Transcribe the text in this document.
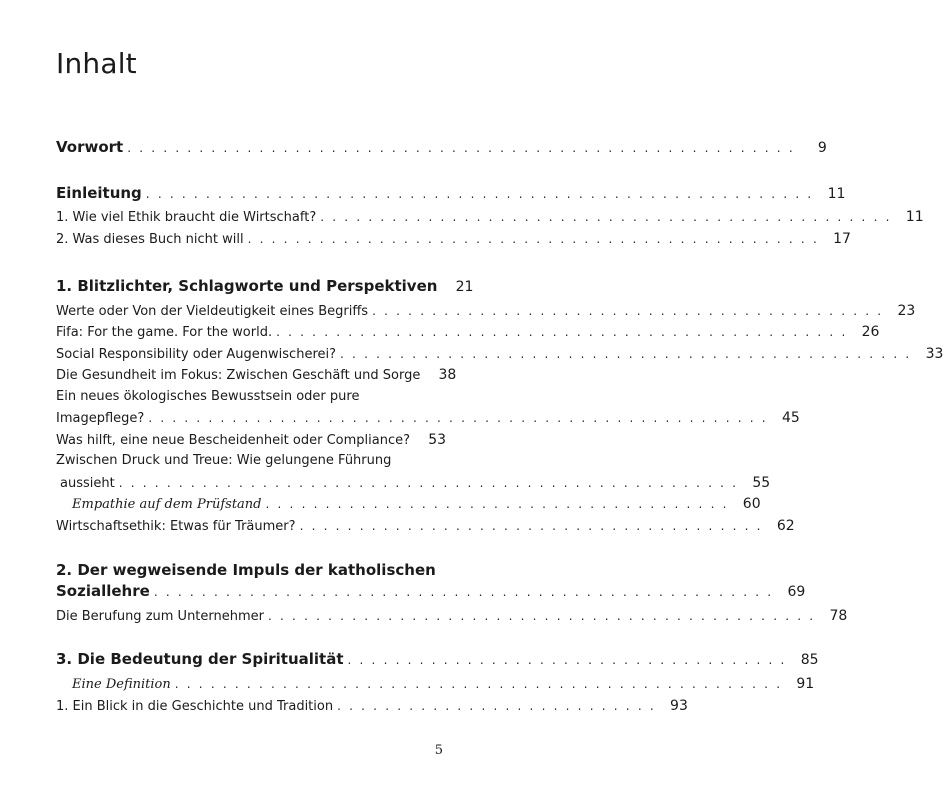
Inhalt
Vorwort . . . . . . . . . . . . . . . . . . . . . . . . . . . . . . . . . . . . . . . . . . . . . . . . . . . . . . . .	9
Einleitung . . . . . . . . . . . . . . . . . . . . . . . . . . . . . . . . . . . . . . . . . . . . . . . . . . . . . . . . 11
1. Wie viel Ethik braucht die Wirtschaft? . . . . . . . . . . . . . . . . . . . . . . . . . . . . . . . . . . . . . . . . . . . . . . . . 11
2. Was dieses Buch nicht will . . . . . . . . . . . . . . . . . . . . . . . . . . . . . . . . . . . . . . . . . . . . . . . . 17
1. Blitzlichter, Schlagworte und Perspektiven 21
Werte oder Von der Vieldeutigkeit eines Begriffs . . . . . . . . . . . . . . . . . . . . . . . . . . . . . . . . . . . . . . . . . . . 23
Fifa: For the game. For the world. . . . . . . . . . . . . . . . . . . . . . . . . . . . . . . . . . . . . . . . . . . . . . . . . 26
Social Responsibility oder Augenwischerei? . . . . . . . . . . . . . . . . . . . . . . . . . . . . . . . . . . . . . . . . . . . . . . . . 33
Die Gesundheit im Fokus: Zwischen Geschäft und Sorge 38
Ein neues ökologisches Bewusstsein oder pure
Imagepflege? . . . . . . . . . . . . . . . . . . . . . . . . . . . . . . . . . . . . . . . . . . . . . . . . . . . . 45
Was hilft, eine neue Bescheidenheit oder Compliance? 53
Zwischen Druck und Treue: Wie gelungene Führung
aussieht . . . . . . . . . . . . . . . . . . . . . . . . . . . . . . . . . . . . . . . . . . . . . . . . . . . . 55
Empathie auf dem Prüfstand . . . . . . . . . . . . . . . . . . . . . . . . . . . . . . . . . . . . . . . 60
Wirtschaftsethik: Etwas für Träumer? . . . . . . . . . . . . . . . . . . . . . . . . . . . . . . . . . . . . . . . 62
2. Der wegweisende Impuls der katholischen
Soziallehre . . . . . . . . . . . . . . . . . . . . . . . . . . . . . . . . . . . . . . . . . . . . . . . . . . . . 69
Die Berufung zum Unternehmer . . . . . . . . . . . . . . . . . . . . . . . . . . . . . . . . . . . . . . . . . . . . . . 78
3. Die Bedeutung der Spiritualität . . . . . . . . . . . . . . . . . . . . . . . . . . . . . . . . . . . . . 85
Eine Definition . . . . . . . . . . . . . . . . . . . . . . . . . . . . . . . . . . . . . . . . . . . . . . . . . . . 91
1. Ein Blick in die Geschichte und Tradition . . . . . . . . . . . . . . . . . . . . . . . . . . . 93
5
